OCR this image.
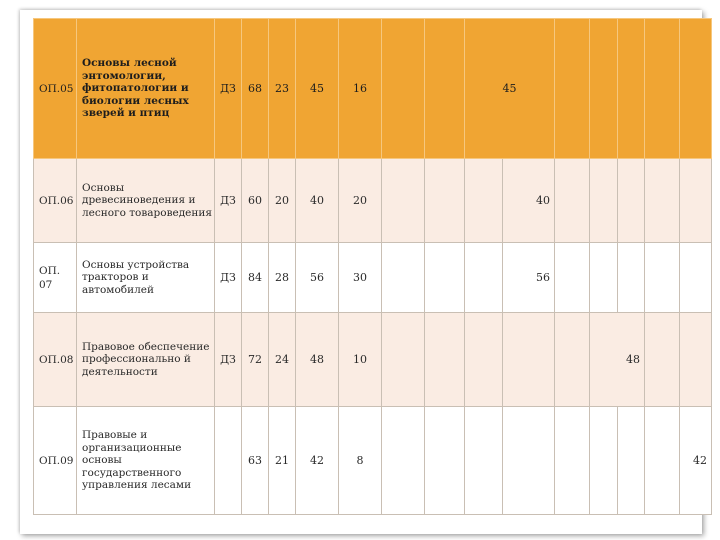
ОП.05	Основы лесной энтомологии, фитопатологии и биологии лесных зверей и птиц	ДЗ	68	23	45	16			45						
ОП.06	Основы древесиноведения и лесного товароведения	ДЗ	60	20	40	20				40					
ОП. 07	Основы устройства тракторов и автомобилей	ДЗ	84	28	56	30				56					
ОП.08	Правовое обеспечение профессионально й деятельности	ДЗ	72	24	48	10						48			
ОП.09	Правовые и организационные основы государственного управления лесами		63	21	42	8									42
